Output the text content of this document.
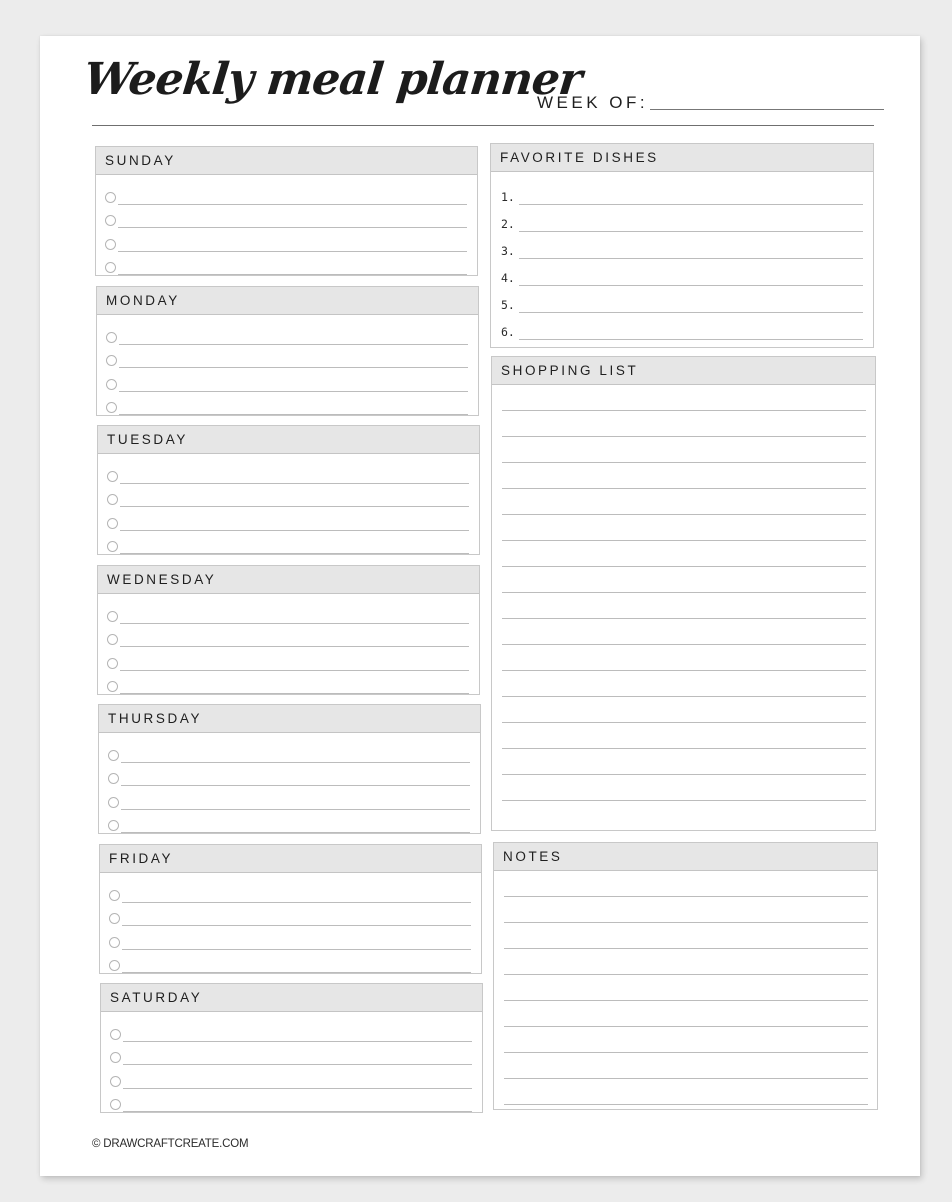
Weekly meal planner
WEEK OF:
SUNDAY
MONDAY
TUESDAY
WEDNESDAY
THURSDAY
FRIDAY
SATURDAY
FAVORITE DISHES
1.
2.
3.
4.
5.
6.
SHOPPING LIST
NOTES
© DRAWCRAFTCREATE.COM
